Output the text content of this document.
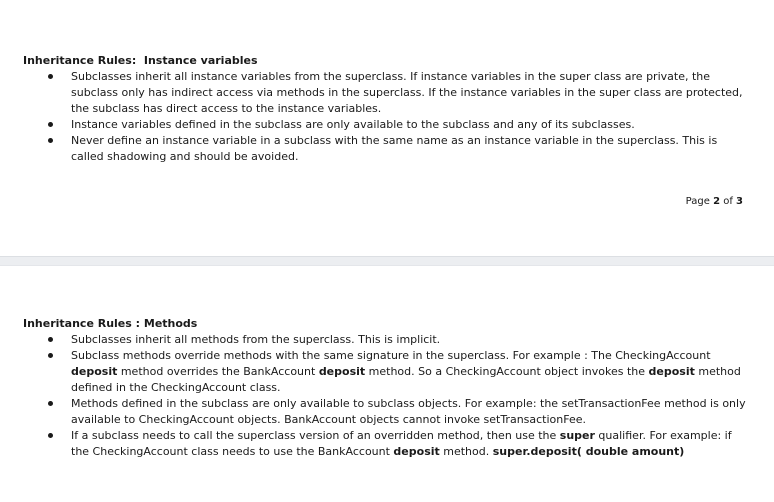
Inheritance Rules:  Instance variables

Subclasses inherit all instance variables from the superclass. If instance variables in the super class are private, the subclass only has indirect access via methods in the superclass. If the instance variables in the super class are protected, the subclass has direct access to the instance variables.
Instance variables defined in the subclass are only available to the subclass and any of its subclasses.
Never define an instance variable in a subclass with the same name as an instance variable in the superclass. This is called shadowing and should be avoided.
Page 2 of 3

Inheritance Rules : Methods

Subclasses inherit all methods from the superclass. This is implicit.
Subclass methods override methods with the same signature in the superclass. For example : The CheckingAccount deposit method overrides the BankAccount deposit method. So a CheckingAccount object invokes the deposit method defined in the CheckingAccount class.
Methods defined in the subclass are only available to subclass objects. For example: the setTransactionFee method is only available to CheckingAccount objects. BankAccount objects cannot invoke setTransactionFee.
If a subclass needs to call the superclass version of an overridden method, then use the super qualifier. For example: if the CheckingAccount class needs to use the BankAccount deposit method. super.deposit( double amount)
